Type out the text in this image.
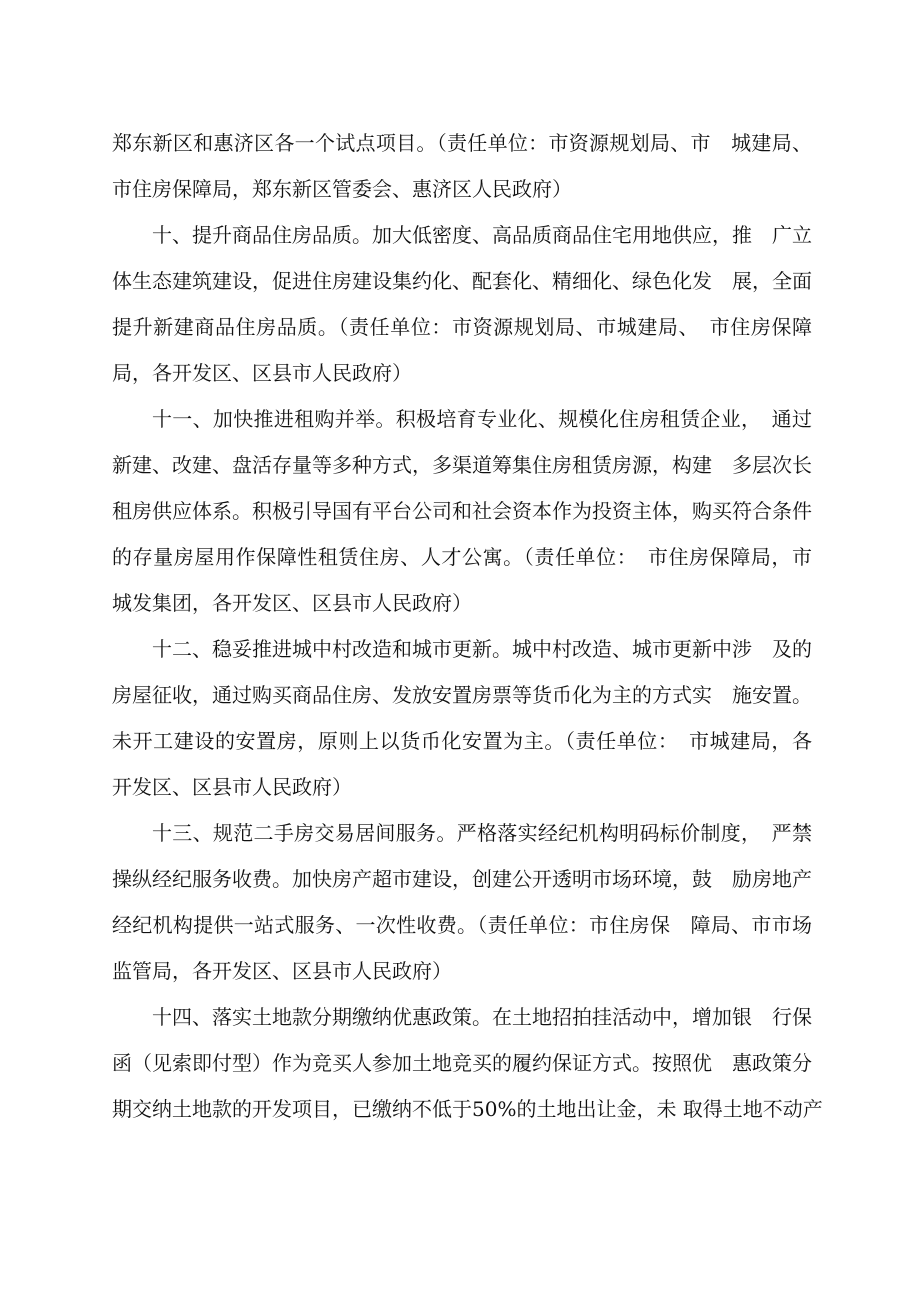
郑东新区和惠济区各一个试点项目。（责任单位：市资源规划局、市　城建局、
市住房保障局，郑东新区管委会、惠济区人民政府）
十、提升商品住房品质。加大低密度、高品质商品住宅用地供应，推　广立
体生态建筑建设，促进住房建设集约化、配套化、精细化、绿色化发　展，全面
提升新建商品住房品质。（责任单位：市资源规划局、市城建局、　市住房保障
局，各开发区、区县市人民政府）
十一、加快推进租购并举。积极培育专业化、规模化住房租赁企业，　通过
新建、改建、盘活存量等多种方式，多渠道筹集住房租赁房源，构建　多层次长
租房供应体系。积极引导国有平台公司和社会资本作为投资主体，购买符合条件
的存量房屋用作保障性租赁住房、人才公寓。（责任单位：　市住房保障局，市
城发集团，各开发区、区县市人民政府）
十二、稳妥推进城中村改造和城市更新。城中村改造、城市更新中涉　及的
房屋征收，通过购买商品住房、发放安置房票等货币化为主的方式实　施安置。
未开工建设的安置房，原则上以货币化安置为主。（责任单位：　市城建局，各
开发区、区县市人民政府）
十三、规范二手房交易居间服务。严格落实经纪机构明码标价制度，　严禁
操纵经纪服务收费。加快房产超市建设，创建公开透明市场环境，鼓　励房地产
经纪机构提供一站式服务、一次性收费。（责任单位：市住房保　障局、市市场
监管局，各开发区、区县市人民政府）
十四、落实土地款分期缴纳优惠政策。在土地招拍挂活动中，增加银　行保
函（见索即付型）作为竞买人参加土地竞买的履约保证方式。按照优　惠政策分
期交纳土地款的开发项目，已缴纳不低于50%的土地出让金，未 取得土地不动产
